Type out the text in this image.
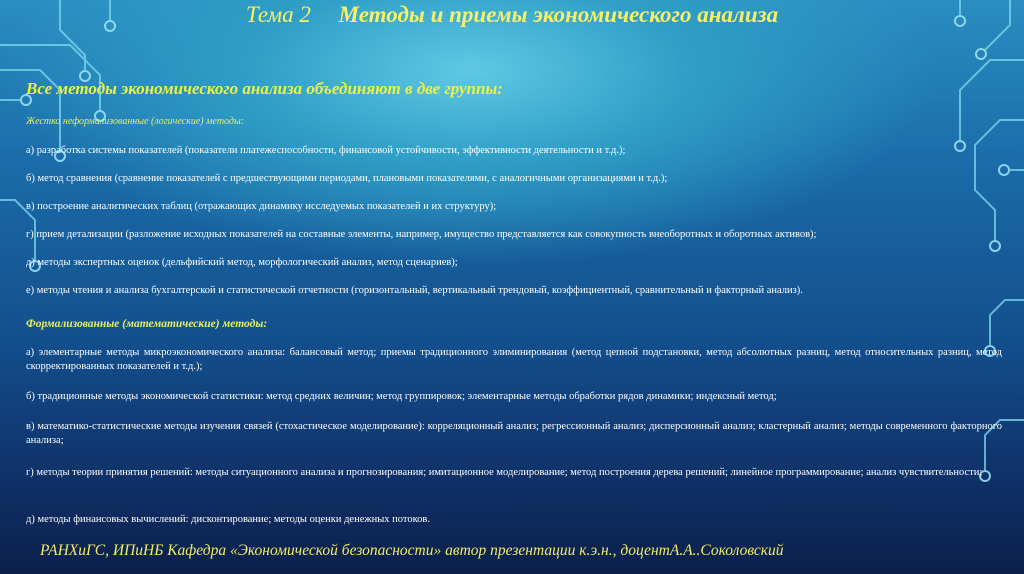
Тема 2 Методы и приемы экономического анализа
Все методы экономического анализа объединяют в две группы:
Жестко неформализованные (логические) методы:
а) разработка системы показателей (показатели платежеспособности, финансовой устойчивости, эффективности деятельности и т.д.);
б) метод сравнения (сравнение показателей с предшествующими периодами, плановыми показателями, с аналогичными организациями и т.д.);
в) построение аналитических таблиц (отражающих динамику исследуемых показателей и их структуру);
г) прием детализации (разложение исходных показателей на составные элементы, например, имущество представляется как совокупность внеоборотных и оборотных активов);
д) методы экспертных оценок (дельфийский метод, морфологический анализ, метод сценариев);
е) методы чтения и анализа бухгалтерской и статистической отчетности (горизонтальный, вертикальный трендовый, коэффициентный, сравнительный и факторный анализ).
Формализованные (математические) методы:
а) элементарные методы микроэкономического анализа: балансовый метод; приемы традиционного элиминирования (метод цепной подстановки, метод абсолютных разниц, метод относительных разниц, метод скорректированных показателей и т.д.);
б) традиционные методы экономической статистики: метод средних величин; метод группировок; элементарные методы обработки рядов динамики; индексный метод;
в) математико-статистические методы изучения связей (стохастическое моделирование): корреляционный анализ; регрессионный анализ; дисперсионный анализ; кластерный анализ; методы современного факторного анализа;
г) методы теории принятия решений: методы ситуационного анализа и прогнозирования; имитационное моделирование; метод построения дерева решений; линейное программирование; анализ чувствительности;
д) методы финансовых вычислений: дисконтирование; методы оценки денежных потоков.
РАНХиГС, ИПиНБ Кафедра «Экономической безопасности» автор презентации к.э.н., доцентА.А..Соколовский
